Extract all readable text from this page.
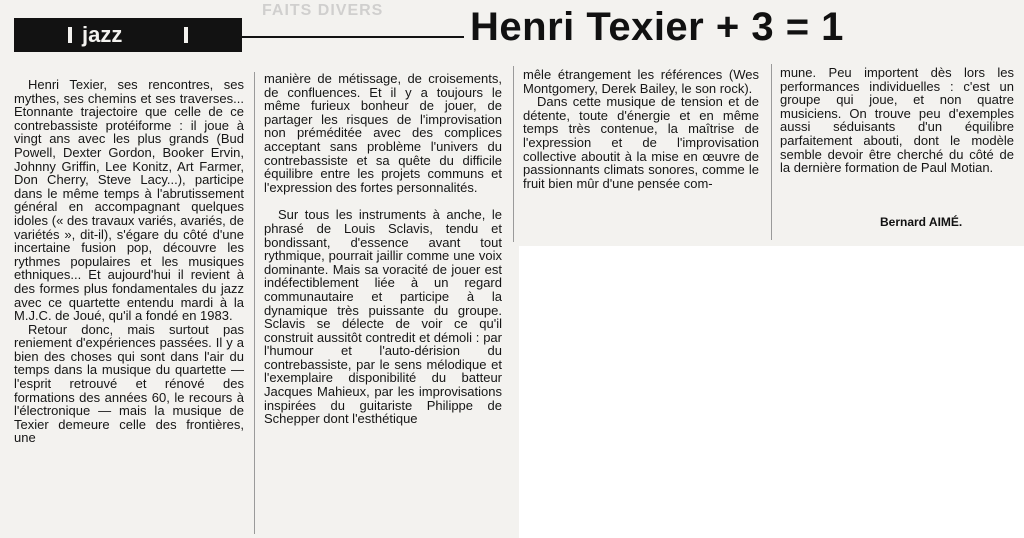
FAITS DIVERS
jazz	Henri Texier + 3 = 1

Henri Texier, ses rencontres, ses mythes, ses chemins et ses traverses... Etonnante trajectoire que celle de ce contrebassiste protéiforme : il joue à vingt ans avec les plus grands (Bud Powell, Dexter Gordon, Booker Ervin, Johnny Griffin, Lee Konitz, Art Farmer, Don Cherry, Steve Lacy...), participe dans le même temps à l'abrutissement général en accompagnant quelques idoles (« des travaux variés, avariés, de variétés », dit-il), s'égare du côté d'une incertaine fusion pop, découvre les rythmes populaires et les musiques ethniques... Et aujourd'hui il revient à des formes plus fondamentales du jazz avec ce quartette entendu mardi à la M.J.C. de Joué, qu'il a fondé en 1983.

Retour donc, mais surtout pas reniement d'expériences passées. Il y a bien des choses qui sont dans l'air du temps dans la musique du quartette — l'esprit retrouvé et rénové des formations des années 60, le recours à l'électronique — mais la musique de Texier demeure celle des frontières, une

manière de métissage, de croisements, de confluences. Et il y a toujours le même furieux bonheur de jouer, de partager les risques de l'improvisation non préméditée avec des complices acceptant sans problème l'univers du contrebassiste et sa quête du difficile équilibre entre les projets communs et l'expression des fortes personnalités.

Sur tous les instruments à anche, le phrasé de Louis Sclavis, tendu et bondissant, d'essence avant tout rythmique, pourrait jaillir comme une voix dominante. Mais sa voracité de jouer est indéfectiblement liée à un regard communautaire et participe à la dynamique très puissante du groupe. Sclavis se délecte de voir ce qu'il construit aussitôt contredit et démoli : par l'humour et l'auto-dérision du contrebassiste, par le sens mélodique et l'exemplaire disponibilité du batteur Jacques Mahieux, par les improvisations inspirées du guitariste Philippe de Schepper dont l'esthétique

mêle étrangement les références (Wes Montgomery, Derek Bailey, le son rock).

Dans cette musique de tension et de détente, toute d'énergie et en même temps très contenue, la maîtrise de l'expression et de l'improvisation collective aboutit à la mise en œuvre de passionnants climats sonores, comme le fruit bien mûr d'une pensée com-

mune. Peu importent dès lors les performances individuelles : c'est un groupe qui joue, et non quatre musiciens. On trouve peu d'exemples aussi séduisants d'un équilibre parfaitement abouti, dont le modèle semble devoir être cherché du côté de la dernière formation de Paul Motian.

Bernard AIMÉ.
